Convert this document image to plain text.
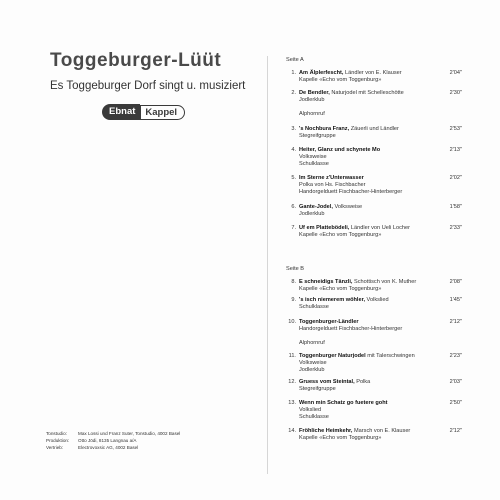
Toggeburger-Lüüt
Es Toggeburger Dorf singt u. musiziert
Ebnat	Kappel
Tonstudio:	Max Lossi und Franz Suter, Tonstudio, 4002 Basel
Produktion:	Otto Jödi, 8135 Langnau a/A
Vertrieb:	Electrovoxsic AG, 4002 Basel
Seite A
1. Am Älplerfescht, Ländler von E. Klauser
Kapelle «Echo vom Toggenburg»
2'04"
2. De Bendler, Naturjodel mit Schelleschötte
Jodlerklub
2'30"
Alphornruf
3. 's Nochbura Franz, Zäuerli und Ländler
Stegreifgruppe
2'53"
4. Heiter, Glanz und schynete Mo
Volksweise
Schulklasse
2'13"
5. Im Sterne z'Unterwasser
Polka von Hs. Fischbacher
Handorgelduett Fischbacher-Hinterberger
2'02"
6. Gante-Jodel, Volksweise
Jodlerklub
1'58"
7. Uf em Plattebödeli, Ländler von Ueli Locher
Kapelle «Echo vom Toggenburg»
2'33"
Seite B
8. E schneidigs Tänzli, Schottisch von K. Muther
Kapelle «Echo vom Toggenburg»
2'08"
9. 's isch niemerem wöhler, Volkslied
Schulklasse
1'45"
10. Toggenburger-Ländler
Handorgelduett Fischbacher-Hinterberger
2'12"
Alphornruf
11. Toggenburger Naturjodel mit Talerschwingen
Volksweise
Jodlerklub
2'23"
12. Gruess vom Steintal, Polka
Stegreifgruppe
2'03"
13. Wenn min Schatz go fuetere goht
Volkslied
Schulklasse
2'50"
14. Fröhliche Heimkehr, Marsch von E. Klauser
Kapelle «Echo vom Toggenburg»
2'12"
